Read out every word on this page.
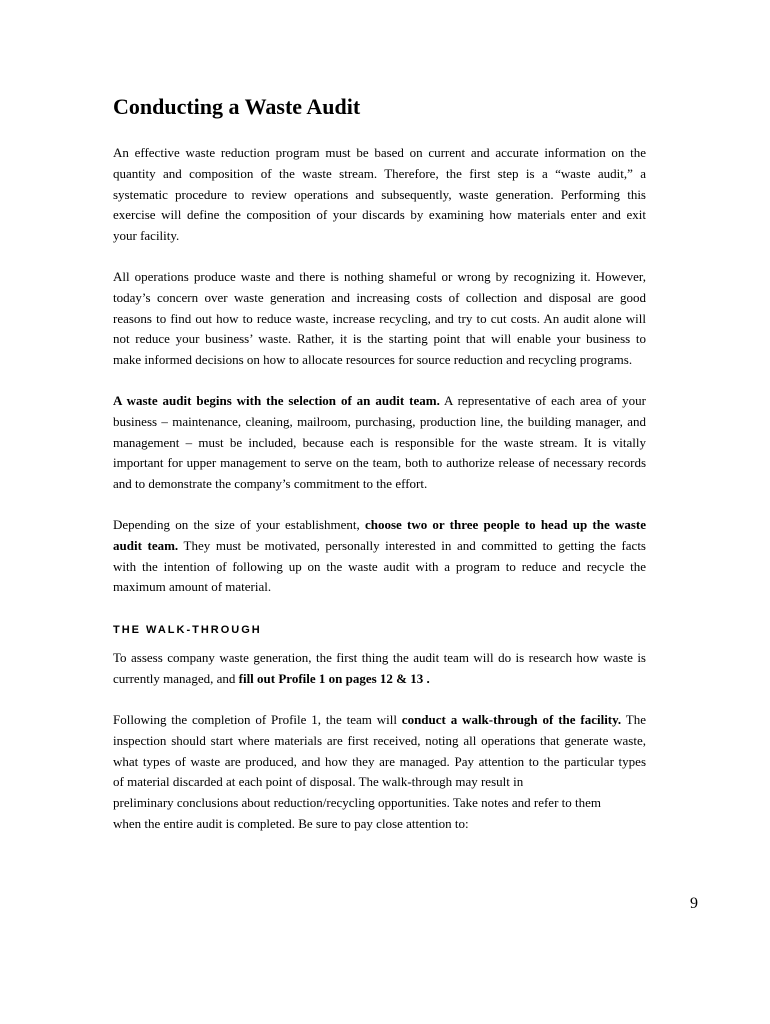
Conducting a Waste Audit
An effective waste reduction program must be based on current and accurate information on the
quantity and composition of the waste stream. Therefore, the first step is a “waste audit,” a
systematic procedure to review operations and subsequently, waste generation. Performing this
exercise will define the composition of your discards by examining how materials enter and exit
your facility.
All operations produce waste and there is nothing shameful or wrong by recognizing it. However,
today’s concern over waste generation and increasing costs of collection and disposal are good
reasons to find out how to reduce waste, increase recycling, and try to cut costs. An audit alone will
not reduce your business’ waste. Rather, it is the starting point that will enable your business to
make informed decisions on how to allocate resources for source reduction and recycling programs.
A waste audit begins with the selection of an audit team. A representative of each area of your
business – maintenance, cleaning, mailroom, purchasing, production line, the building manager, and
management – must be included, because each is responsible for the waste stream. It is vitally
important for upper management to serve on the team, both to authorize release of necessary records
and to demonstrate the company’s commitment to the effort.
Depending on the size of your establishment, choose two or three people to head up the waste
audit team. They must be motivated, personally interested in and committed to getting the facts
with the intention of following up on the waste audit with a program to reduce and recycle the
maximum amount of material.
THE WALK-THROUGH
To assess company waste generation, the first thing the audit team will do is research how waste is
currently managed, and fill out Profile 1 on pages 12 & 13 .
Following the completion of Profile 1, the team will conduct a walk-through of the facility. The
inspection should start where materials are first received, noting all operations that generate waste,
what types of waste are produced, and how they are managed. Pay attention to the particular types
of material discarded at each point of disposal. The walk-through may result in
preliminary conclusions about reduction/recycling opportunities. Take notes and refer to them
when the entire audit is completed. Be sure to pay close attention to:
9
